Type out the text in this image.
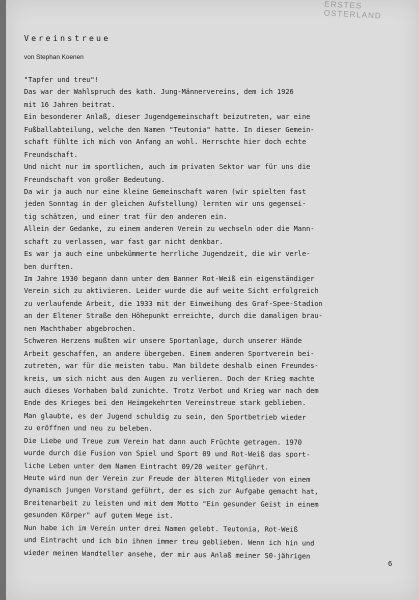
ERSTES OSTERLAND
Vereinstreue
von Stephan Koenen
"Tapfer und treu"!
Das war der Wahlspruch des kath. Jung-Männervereins, dem ich 1926
mit 16 Jahren beitrat.
Ein besonderer Anlaß, dieser Jugendgemeinschaft beizutreten, war eine
Fußballabteilung, welche den Namen "Teutonia" hatte. In dieser Gemein-
schaft fühlte ich mich von Anfang an wohl. Herrschte hier doch echte
Freundschaft.
Und nicht nur im sportlichen, auch im privaten Sektor war für uns die
Freundschaft von großer Bedeutung.
Da wir ja auch nur eine kleine Gemeinschaft waren (wir spielten fast
jeden Sonntag in der gleichen Aufstellung) lernten wir uns gegensei-
tig schätzen, und einer trat für den anderen ein.
Allein der Gedanke, zu einem anderen Verein zu wechseln oder die Mann-
schaft zu verlassen, war fast gar nicht denkbar.
Es war ja auch eine unbekümmerte herrliche Jugendzeit, die wir verle-
ben durften.
Im Jahre 1930 begann dann unter dem Banner Rot-Weiß ein eigenständiger
Verein sich zu aktivieren. Leider wurde die auf weite Sicht erfolgreich
zu verlaufende Arbeit, die 1933 mit der Einweihung des Graf-Spee-Stadion
an der Eltener Straße den Höhepunkt erreichte, durch die damaligen brau-
nen Machthaber abgebrochen.
Schweren Herzens mußten wir unsere Sportanlage, durch unserer Hände
Arbeit geschaffen, an andere übergeben. Einem anderen Sportverein bei-
zutreten, war für die meisten tabu. Man bildete deshalb einen Freundes-
kreis, um sich nicht aus den Augen zu verlieren. Doch der Krieg machte
auch dieses Vorhaben bald zunichte. Trotz Verbot und Krieg war nach dem
Ende des Krieges bei den Heimgekehrten Vereinstreue stark geblieben.
Man glaubte, es der Jugend schuldig zu sein, den Sportbetrieb wieder
zu eröffnen und neu zu beleben.
Die Liebe und Treue zum Verein hat dann auch Früchte getragen. 1970
wurde durch die Fusion von Spiel und Sport 09 und Rot-Weiß das sport-
liche Leben unter dem Namen Eintracht 09/20 weiter geführt.
Heute wird nun der Verein zur Freude der älteren Mitglieder von einem
dynamisch jungen Vorstand geführt, der es sich zur Aufgabe gemacht hat,
Breitenarbeit zu leisten und mit dem Motto "Ein gesunder Geist in einem
gesunden Körper" auf gutem Wege ist.
Nun habe ich im Verein unter drei Namen gelebt. Teutonia, Rot-Weiß
und Eintracht und ich bin ihnen immer treu geblieben. Wenn ich hin und
wieder meinen Wandteller ansehe, der mir aus Anlaß meiner 50-jährigen
6
